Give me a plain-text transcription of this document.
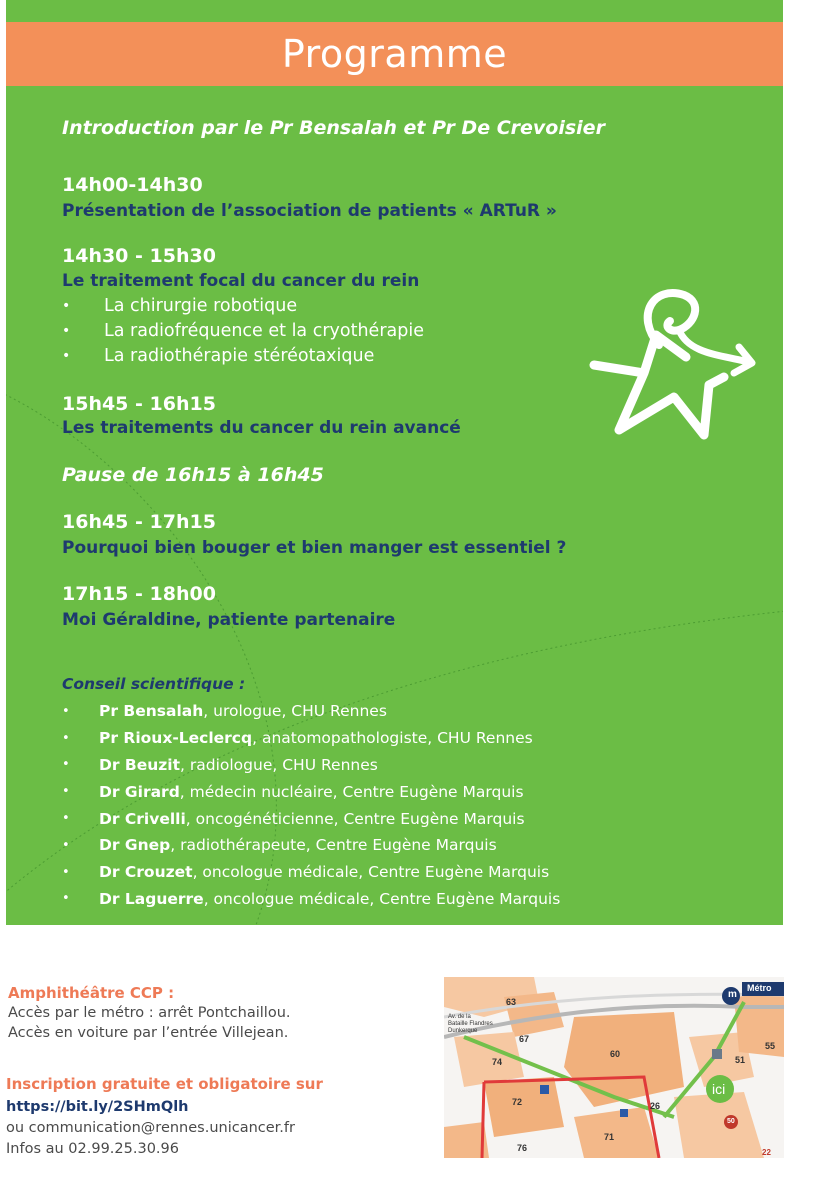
Programme
Introduction par le Pr Bensalah et Pr De Crevoisier
14h00-14h30
Présentation de l’association de patients « ARTuR »
14h30 - 15h30
Le traitement focal du cancer du rein
•	La chirurgie robotique
•	La radiofréquence et la cryothérapie
•	La radiothérapie stéréotaxique
15h45 - 16h15
Les traitements du cancer du rein avancé
Pause de 16h15 à 16h45
16h45 - 17h15
Pourquoi bien bouger et bien manger est essentiel ?
17h15 - 18h00
Moi Géraldine, patiente partenaire
Conseil scientifique :
•	Pr Bensalah , urologue, CHU Rennes
•	Pr Rioux-Leclercq , anatomopathologiste, CHU Rennes
•	Dr Beuzit , radiologue, CHU Rennes
•	Dr Girard , médecin nucléaire, Centre Eugène Marquis
•	Dr Crivelli , oncogénéticienne, Centre Eugène Marquis
•	Dr Gnep , radiothérapeute, Centre Eugène Marquis
•	Dr Crouzet , oncologue médicale, Centre Eugène Marquis
•	Dr Laguerre , oncologue médicale, Centre Eugène Marquis
Amphithéâtre CCP :
Accès par le métro : arrêt Pontchaillou.
Accès en voiture par l’entrée Villejean.
Inscription gratuite et obligatoire sur
https://bit.ly/2SHmQlh
ou communication@rennes.unicancer.fr
Infos au 02.99.25.30.96
m
Métro
Av. de la
Bataille Flandres
Dunkerque
ici
63
67
74
60
51
55
72	26
71
50
76	22
